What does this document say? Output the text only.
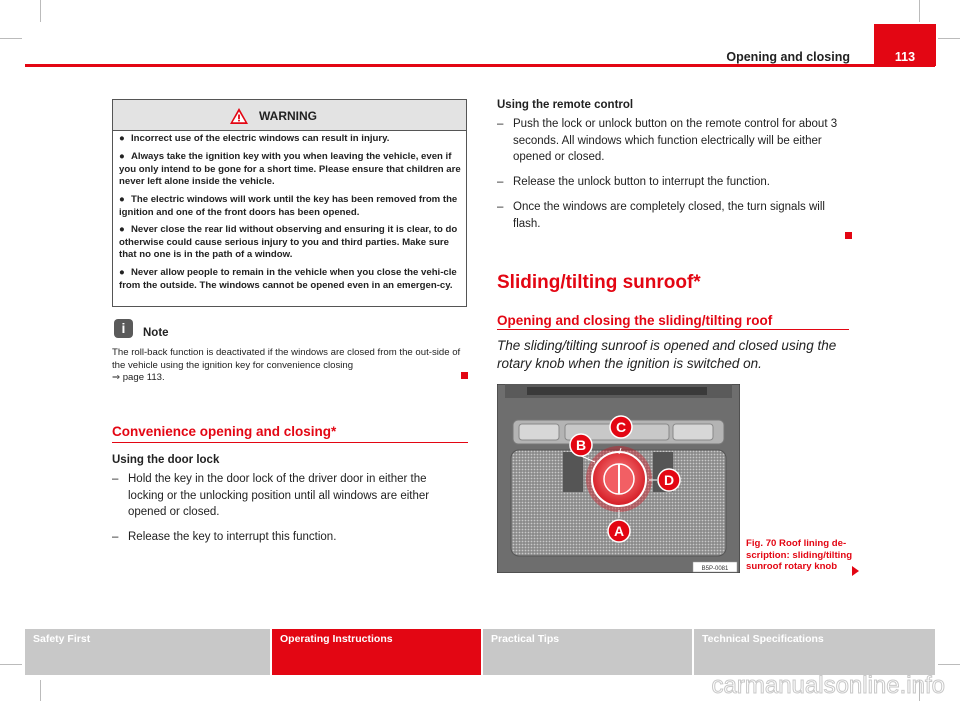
113
Opening and closing
WARNING
● Incorrect use of the electric windows can result in injury.
● Always take the ignition key with you when leaving the vehicle, even if you only intend to be gone for a short time. Please ensure that children are never left alone inside the vehicle.
● The electric windows will work until the key has been removed from the ignition and one of the front doors has been opened.
● Never close the rear lid without observing and ensuring it is clear, to do otherwise could cause serious injury to you and third parties. Make sure that no one is in the path of a window.
● Never allow people to remain in the vehicle when you close the vehi-cle from the outside. The windows cannot be opened even in an emergen-cy.
i	Note
The roll-back function is deactivated if the windows are closed from the out-side of the vehicle using the ignition key for convenience closing
⇒ page 113.
Convenience opening and closing*
Using the door lock
– Hold the key in the door lock of the driver door in either the locking or the unlocking position until all windows are either opened or closed.
– Release the key to interrupt this function.
Using the remote control
– Push the lock or unlock button on the remote control for about 3 seconds. All windows which function electrically will be either opened or closed.
– Release the unlock button to interrupt the function.
– Once the windows are completely closed, the turn signals will flash.
Sliding/tilting sunroof*
Opening and closing the sliding/tilting roof
The sliding/tilting sunroof is opened and closed using the rotary knob when the ignition is switched on.
A
B
C
D
B5P-0081
Fig. 70 Roof lining de-scription: sliding/tilting sunroof rotary knob
Safety First	Operating Instructions	Practical Tips	Technical Specifications
carmanualsonline.info
